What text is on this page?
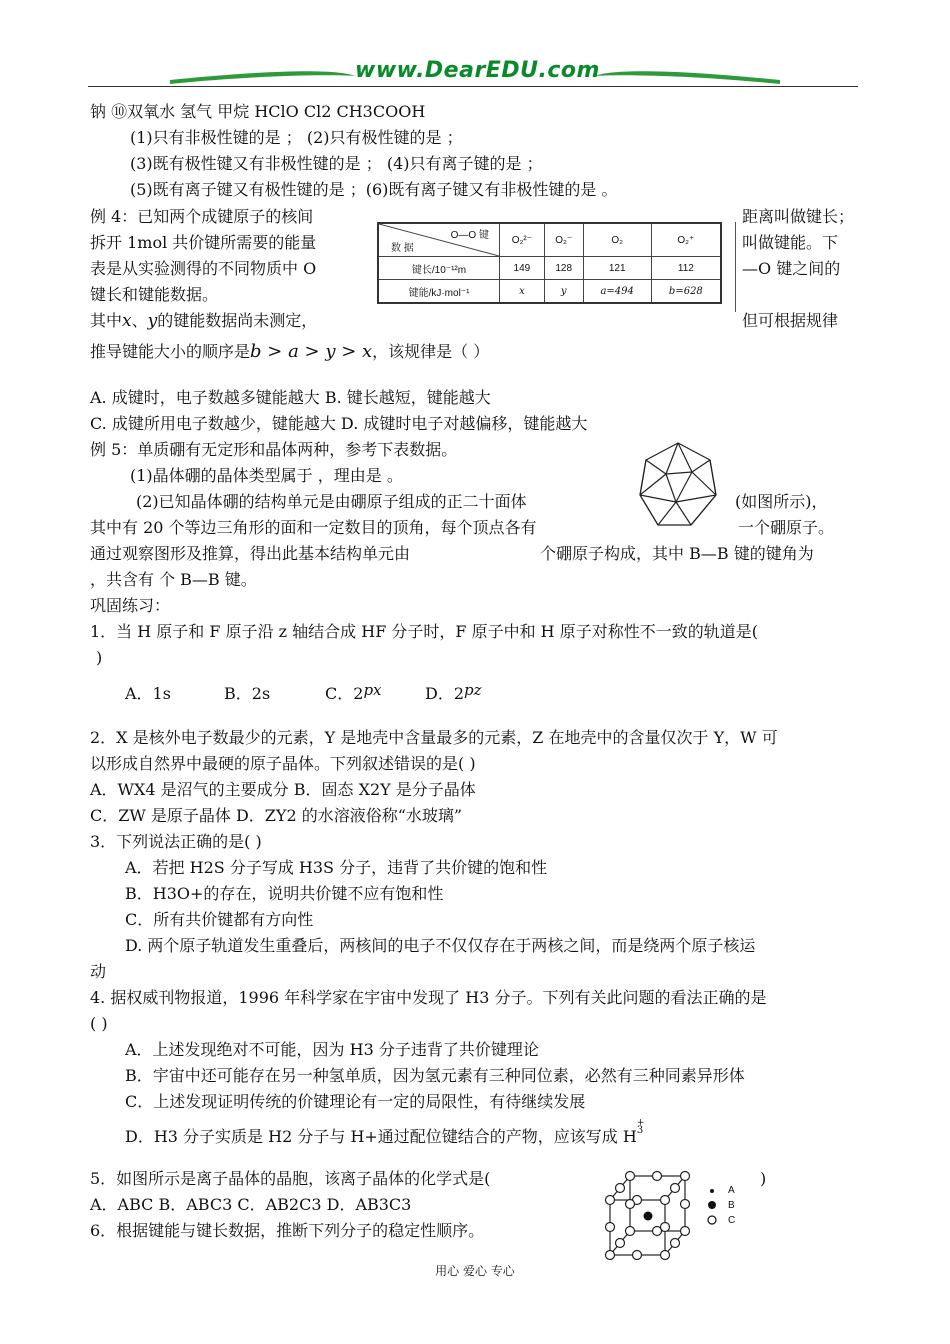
www.DearEDU.com
钠 ⑩双氧水 氢气 甲烷 HClO Cl2 CH3COOH
(1)只有非极性键的是 ； (2)只有极性键的是 ；
(3)既有极性键又有非极性键的是 ； (4)只有离子键的是 ；
(5)既有离子键又有极性键的是 ；(6)既有离子键又有非极性键的是 。
例 4：已知两个成键原子的核间	距离叫做键长；
拆开 1mol 共价键所需要的能量	叫做键能。下
表是从实验测得的不同物质中 O	—O 键之间的
键长和键能数据。
O—O 键
数 据	O₂²⁻	O₂⁻	O₂	O₂⁺
键长/10⁻¹²m	149	128	121	112
键能/kJ·mol⁻¹	x	y	a=494	b=628
其中x、y的键能数据尚未测定，	但可根据规律
推导键能大小的顺序是b > a > y > x，该规律是（ ）
A. 成键时，电子数越多键能越大 B. 键长越短，键能越大
C. 成键所用电子数越少，键能越大 D. 成键时电子对越偏移，键能越大
例 5：单质硼有无定形和晶体两种，参考下表数据。
(1)晶体硼的晶体类型属于 ，理由是 。
(2)已知晶体硼的结构单元是由硼原子组成的正二十面体	(如图所示)，
其中有 20 个等边三角形的面和一定数目的顶角，每个顶点各有	一个硼原子。
通过观察图形及推算，得出此基本结构单元由	个硼原子构成，其中 B—B 键的键角为
，共含有 个 B—B 键。
巩固练习：
1．当 H 原子和 F 原子沿 z 轴结合成 HF 分子时，F 原子中和 H 原子对称性不一致的轨道是(
)
A．1s	B．2s	C．2px	D．2pz
2．X 是核外电子数最少的元素，Y 是地壳中含量最多的元素，Z 在地壳中的含量仅次于 Y，W 可
以形成自然界中最硬的原子晶体。下列叙述错误的是( )
A．WX4 是沼气的主要成分 B．固态 X2Y 是分子晶体
C．ZW 是原子晶体 D．ZY2 的水溶液俗称“水玻璃”
3．下列说法正确的是( )
A．若把 H2S 分子写成 H3S 分子，违背了共价键的饱和性
B．H3O+的存在，说明共价键不应有饱和性
C．所有共价键都有方向性
D. 两个原子轨道发生重叠后，两核间的电子不仅仅存在于两核之间，而是绕两个原子核运
动
4. 据权威刊物报道，1996 年科学家在宇宙中发现了 H3 分子。下列有关此问题的看法正确的是
( )
A．上述发现绝对不可能，因为 H3 分子违背了共价键理论
B．宇宙中还可能存在另一种氢单质，因为氢元素有三种同位素，必然有三种同素异形体
C．上述发现证明传统的价键理论有一定的局限性，有待继续发展
D．H3 分子实质是 H2 分子与 H+通过配位键结合的产物，应该写成 H
+
3
5．如图所示是离子晶体的晶胞，该离子晶体的化学式是(	)
A．ABC B．ABC3 C．AB2C3 D．AB3C3
6．根据键能与键长数据，推断下列分子的稳定性顺序。
A
B
C
用心 爱心 专心
